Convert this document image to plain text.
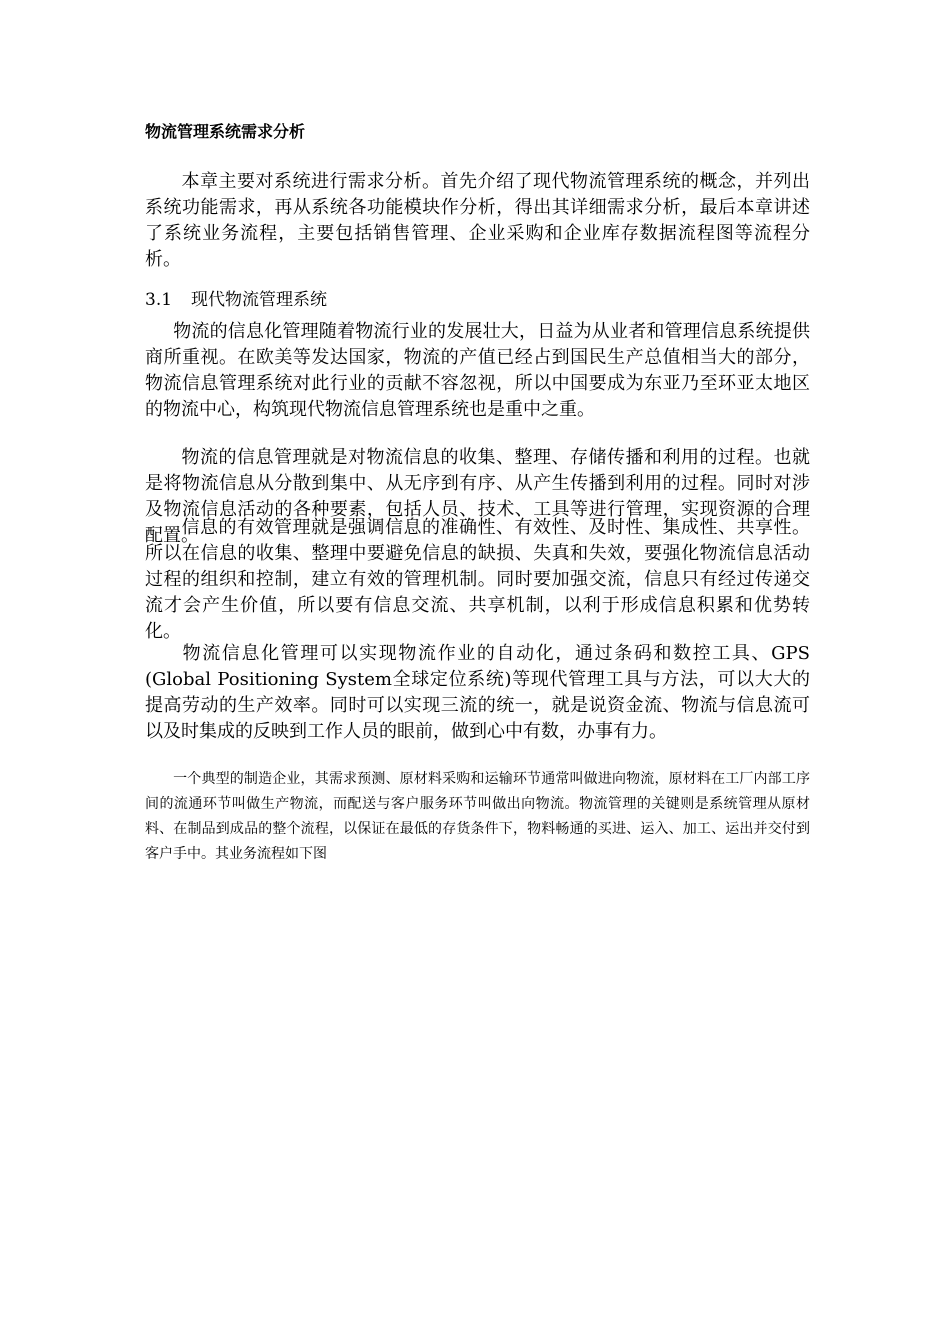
物流管理系统需求分析

本章主要对系统进行需求分析。首先介绍了现代物流管理系统的概念，并列出系统功能需求，再从系统各功能模块作分析，得出其详细需求分析，最后本章讲述了系统业务流程，主要包括销售管理、企业采购和企业库存数据流程图等流程分析。

3.1 现代物流管理系统

物流的信息化管理随着物流行业的发展壮大，日益为从业者和管理信息系统提供商所重视。在欧美等发达国家，物流的产值已经占到国民生产总值相当大的部分，物流信息管理系统对此行业的贡献不容忽视，所以中国要成为东亚乃至环亚太地区的物流中心，构筑现代物流信息管理系统也是重中之重。

物流的信息管理就是对物流信息的收集、整理、存储传播和利用的过程。也就是将物流信息从分散到集中、从无序到有序、从产生传播到利用的过程。同时对涉及物流信息活动的各种要素，包括人员、技术、工具等进行管理，实现资源的合理配置。

信息的有效管理就是强调信息的准确性、有效性、及时性、集成性、共享性。所以在信息的收集、整理中要避免信息的缺损、失真和失效，要强化物流信息活动过程的组织和控制，建立有效的管理机制。同时要加强交流，信息只有经过传递交流才会产生价值，所以要有信息交流、共享机制，以利于形成信息积累和优势转化。

物流信息化管理可以实现物流作业的自动化，通过条码和数控工具、GPS (Global Positioning System全球定位系统)等现代管理工具与方法，可以大大的提高劳动的生产效率。同时可以实现三流的统一，就是说资金流、物流与信息流可以及时集成的反映到工作人员的眼前，做到心中有数，办事有力。

一个典型的制造企业，其需求预测、原材料采购和运输环节通常叫做进向物流，原材料在工厂内部工序间的流通环节叫做生产物流，而配送与客户服务环节叫做出向物流。物流管理的关键则是系统管理从原材料、在制品到成品的整个流程，以保证在最低的存货条件下，物料畅通的买进、运入、加工、运出并交付到客户手中。其业务流程如下图
